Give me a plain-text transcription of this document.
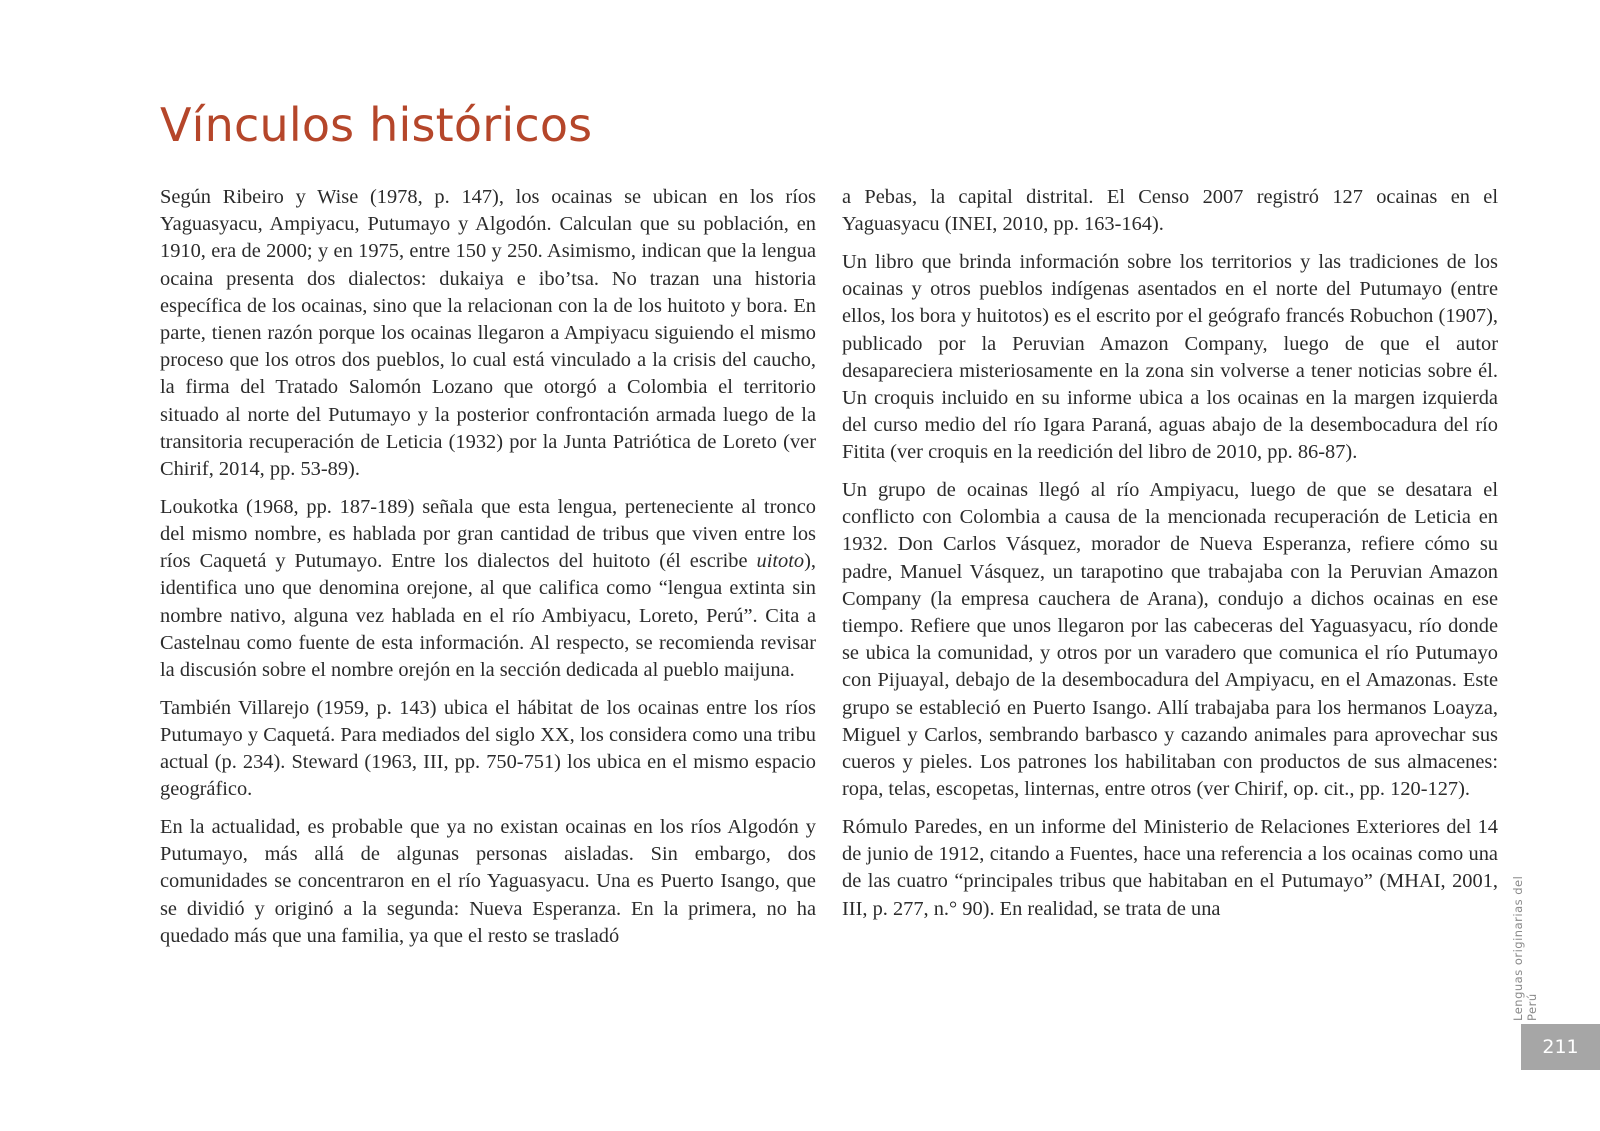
Vínculos históricos

Según Ribeiro y Wise (1978, p. 147), los ocainas se ubican en los ríos Yaguasyacu, Ampiyacu, Putumayo y Algodón. Calculan que su población, en 1910, era de 2000; y en 1975, entre 150 y 250. Asimismo, indican que la lengua ocaina presenta dos dialectos: dukaiya e ibo’tsa. No trazan una historia específica de los ocainas, sino que la relacionan con la de los huitoto y bora. En parte, tienen razón porque los ocainas llegaron a Ampiyacu siguiendo el mismo proceso que los otros dos pueblos, lo cual está vinculado a la crisis del caucho, la firma del Tratado Salomón Lozano que otorgó a Colombia el territorio situado al norte del Putumayo y la posterior confrontación armada luego de la transitoria recuperación de Leticia (1932) por la Junta Patriótica de Loreto (ver Chirif, 2014, pp. 53-89).

Loukotka (1968, pp. 187-189) señala que esta lengua, perteneciente al tronco del mismo nombre, es hablada por gran cantidad de tribus que viven entre los ríos Caquetá y Putumayo. Entre los dialectos del huitoto (él escribe uitoto), identifica uno que denomina orejone, al que califica como “lengua extinta sin nombre nativo, alguna vez hablada en el río Ambiyacu, Loreto, Perú”. Cita a Castelnau como fuente de esta información. Al respecto, se recomienda revisar la discusión sobre el nombre orejón en la sección dedicada al pueblo maijuna.

También Villarejo (1959, p. 143) ubica el hábitat de los ocainas entre los ríos Putumayo y Caquetá. Para mediados del siglo XX, los considera como una tribu actual (p. 234). Steward (1963, III, pp. 750-751) los ubica en el mismo espacio geográfico.

En la actualidad, es probable que ya no existan ocainas en los ríos Algodón y Putumayo, más allá de algunas personas aisladas. Sin embargo, dos comunidades se concentraron en el río Yaguasyacu. Una es Puerto Isango, que se dividió y originó a la segunda: Nueva Esperanza. En la primera, no ha quedado más que una familia, ya que el resto se trasladó

a Pebas, la capital distrital. El Censo 2007 registró 127 ocainas en el Yaguasyacu (INEI, 2010, pp. 163-164).

Un libro que brinda información sobre los territorios y las tradiciones de los ocainas y otros pueblos indígenas asentados en el norte del Putumayo (entre ellos, los bora y huitotos) es el escrito por el geógrafo francés Robuchon (1907), publicado por la Peruvian Amazon Company, luego de que el autor desapareciera misteriosamente en la zona sin volverse a tener noticias sobre él. Un croquis incluido en su informe ubica a los ocainas en la margen izquierda del curso medio del río Igara Paraná, aguas abajo de la desembocadura del río Fitita (ver croquis en la reedición del libro de 2010, pp. 86-87).

Un grupo de ocainas llegó al río Ampiyacu, luego de que se desatara el conflicto con Colombia a causa de la mencionada recuperación de Leticia en 1932. Don Carlos Vásquez, morador de Nueva Esperanza, refiere cómo su padre, Manuel Vásquez, un tarapotino que trabajaba con la Peruvian Amazon Company (la empresa cauchera de Arana), condujo a dichos ocainas en ese tiempo. Refiere que unos llegaron por las cabeceras del Yaguasyacu, río donde se ubica la comunidad, y otros por un varadero que comunica el río Putumayo con Pijuayal, debajo de la desembocadura del Ampiyacu, en el Amazonas. Este grupo se estableció en Puerto Isango. Allí trabajaba para los hermanos Loayza, Miguel y Carlos, sembrando barbasco y cazando animales para aprovechar sus cueros y pieles. Los patrones los habilitaban con productos de sus almacenes: ropa, telas, escopetas, linternas, entre otros (ver Chirif, op. cit., pp. 120-127).

Rómulo Paredes, en un informe del Ministerio de Relaciones Exteriores del 14 de junio de 1912, citando a Fuentes, hace una referencia a los ocainas como una de las cuatro “principales tribus que habitaban en el Putumayo” (MHAI, 2001, III, p. 277, n.° 90). En realidad, se trata de una	Lenguas originarias del Perú
211
